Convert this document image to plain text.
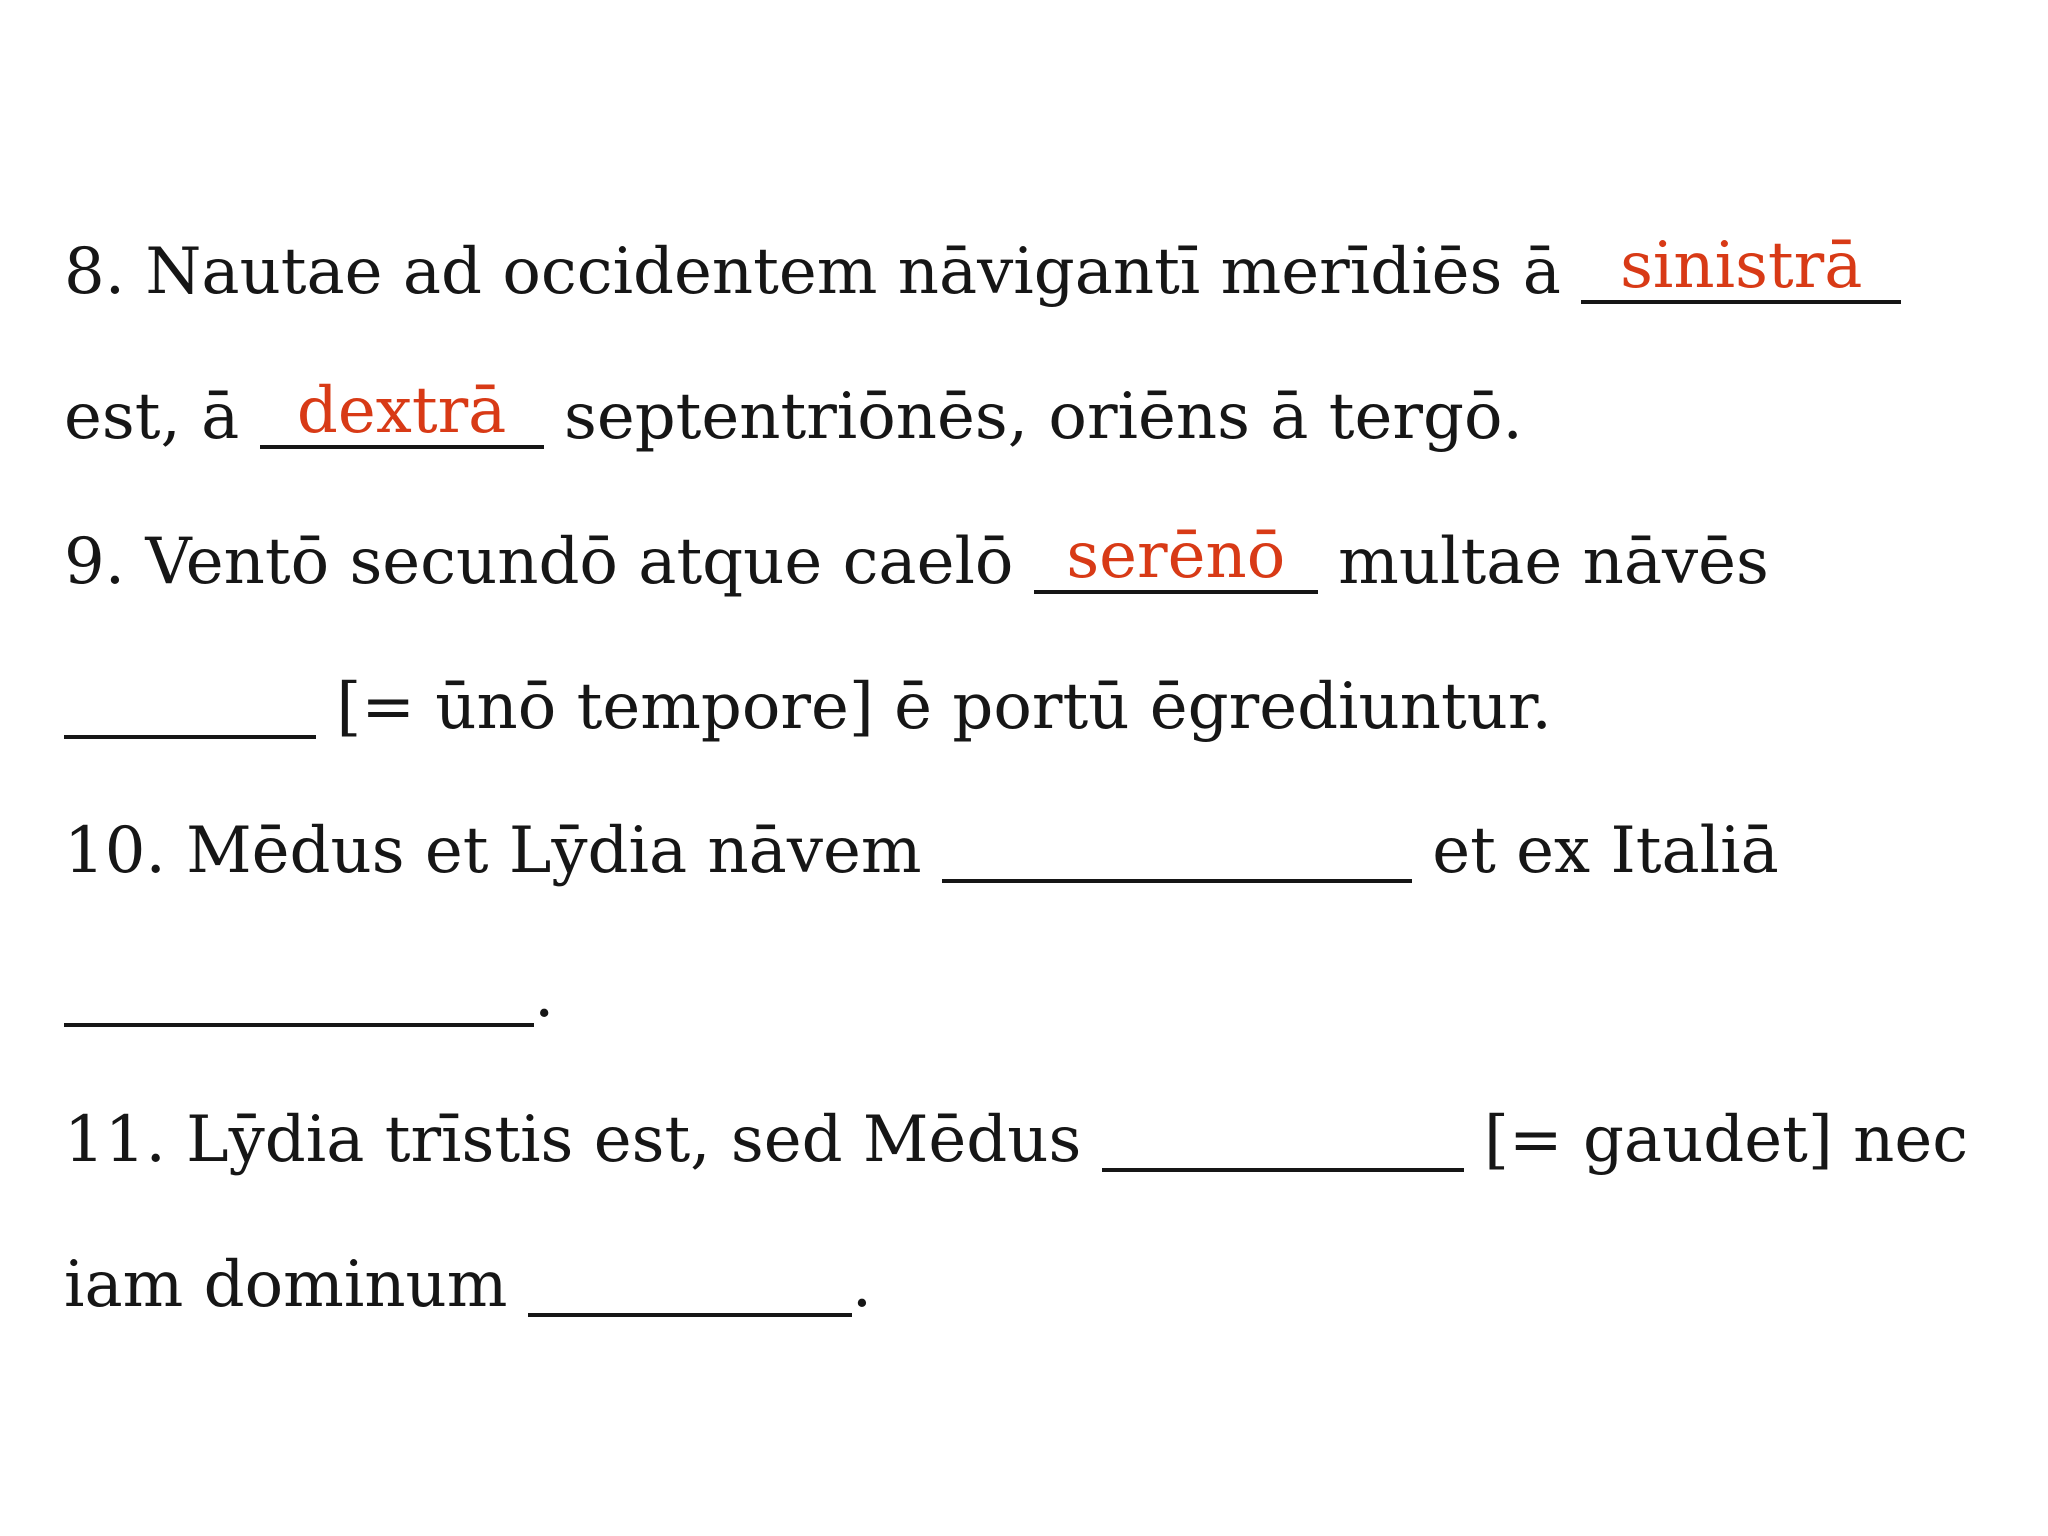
8. Nautae ad occidentem nāvigantī merīdiēs ā sinistrā
est, ā dextrā septentriōnēs, oriēns ā tergō.
9. Ventō secundō atque caelō serēnō multae nāvēs
[= ūnō tempore] ē portū ēgrediuntur.
10. Mēdus et Lȳdia nāvem	et ex Italiā
.
11. Lȳdia trīstis est, sed Mēdus	[= gaudet] nec
iam dominum	.
